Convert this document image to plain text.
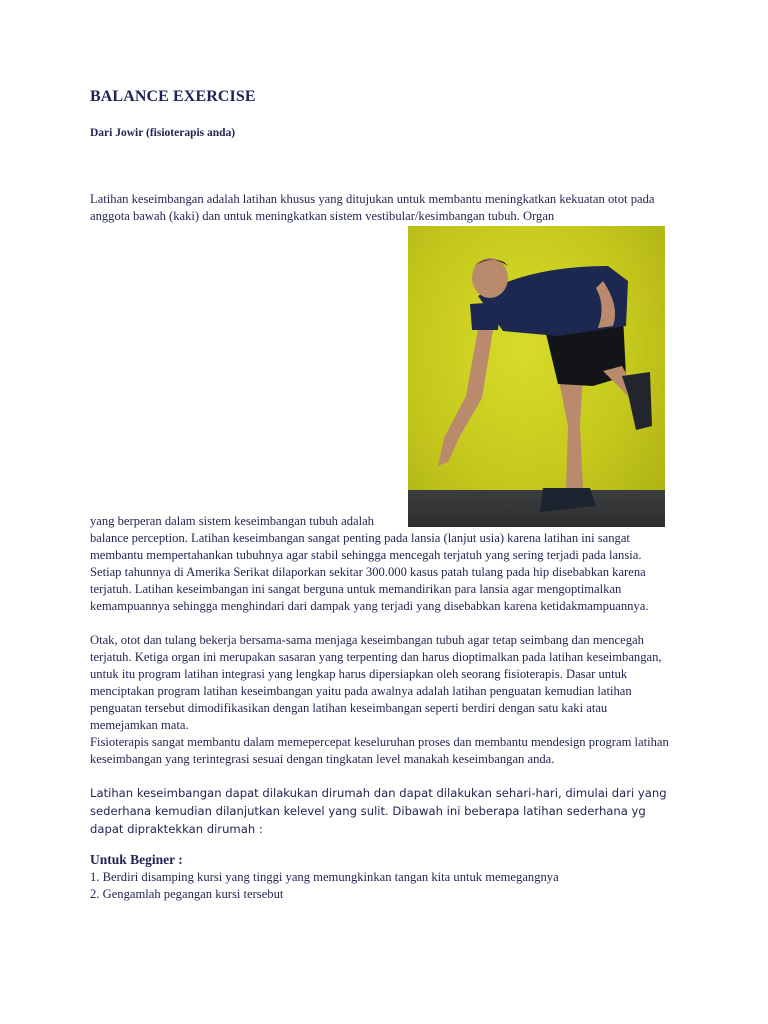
BALANCE EXERCISE
Dari Jowir (fisioterapis anda)

Latihan keseimbangan adalah latihan khusus yang ditujukan untuk membantu meningkatkan kekuatan otot pada anggota bawah (kaki) dan untuk meningkatkan sistem vestibular/kesimbangan tubuh. Organ

yang berperan dalam sistem keseimbangan tubuh adalah

balance perception. Latihan keseimbangan sangat penting pada lansia (lanjut usia) karena latihan ini sangat membantu mempertahankan tubuhnya agar stabil sehingga mencegah terjatuh yang sering terjadi pada lansia. Setiap tahunnya di Amerika Serikat dilaporkan sekitar 300.000 kasus patah tulang pada hip disebabkan karena terjatuh. Latihan keseimbangan ini sangat berguna untuk memandirikan para lansia agar mengoptimalkan kemampuannya sehingga menghindari dari dampak yang terjadi yang disebabkan karena ketidakmampuannya.

Otak, otot dan tulang bekerja bersama-sama menjaga keseimbangan tubuh agar tetap seimbang dan mencegah terjatuh. Ketiga organ ini merupakan sasaran yang terpenting dan harus dioptimalkan pada latihan keseimbangan, untuk itu program latihan integrasi yang lengkap harus dipersiapkan oleh seorang fisioterapis. Dasar untuk menciptakan program latihan keseimbangan yaitu pada awalnya adalah latihan penguatan kemudian latihan penguatan tersebut dimodifikasikan dengan latihan keseimbangan seperti berdiri dengan satu kaki atau memejamkan mata.

Fisioterapis sangat membantu dalam memepercepat keseluruhan proses dan membantu mendesign program latihan keseimbangan yang terintegrasi sesuai dengan tingkatan level manakah keseimbangan anda.

Latihan keseimbangan dapat dilakukan dirumah dan dapat dilakukan sehari-hari, dimulai dari yang sederhana kemudian dilanjutkan kelevel yang sulit. Dibawah ini beberapa latihan sederhana yg dapat dipraktekkan dirumah :

Untuk Beginer :
1. Berdiri disamping kursi yang tinggi yang memungkinkan tangan kita untuk memegangnya
2. Gengamlah pegangan kursi tersebut
